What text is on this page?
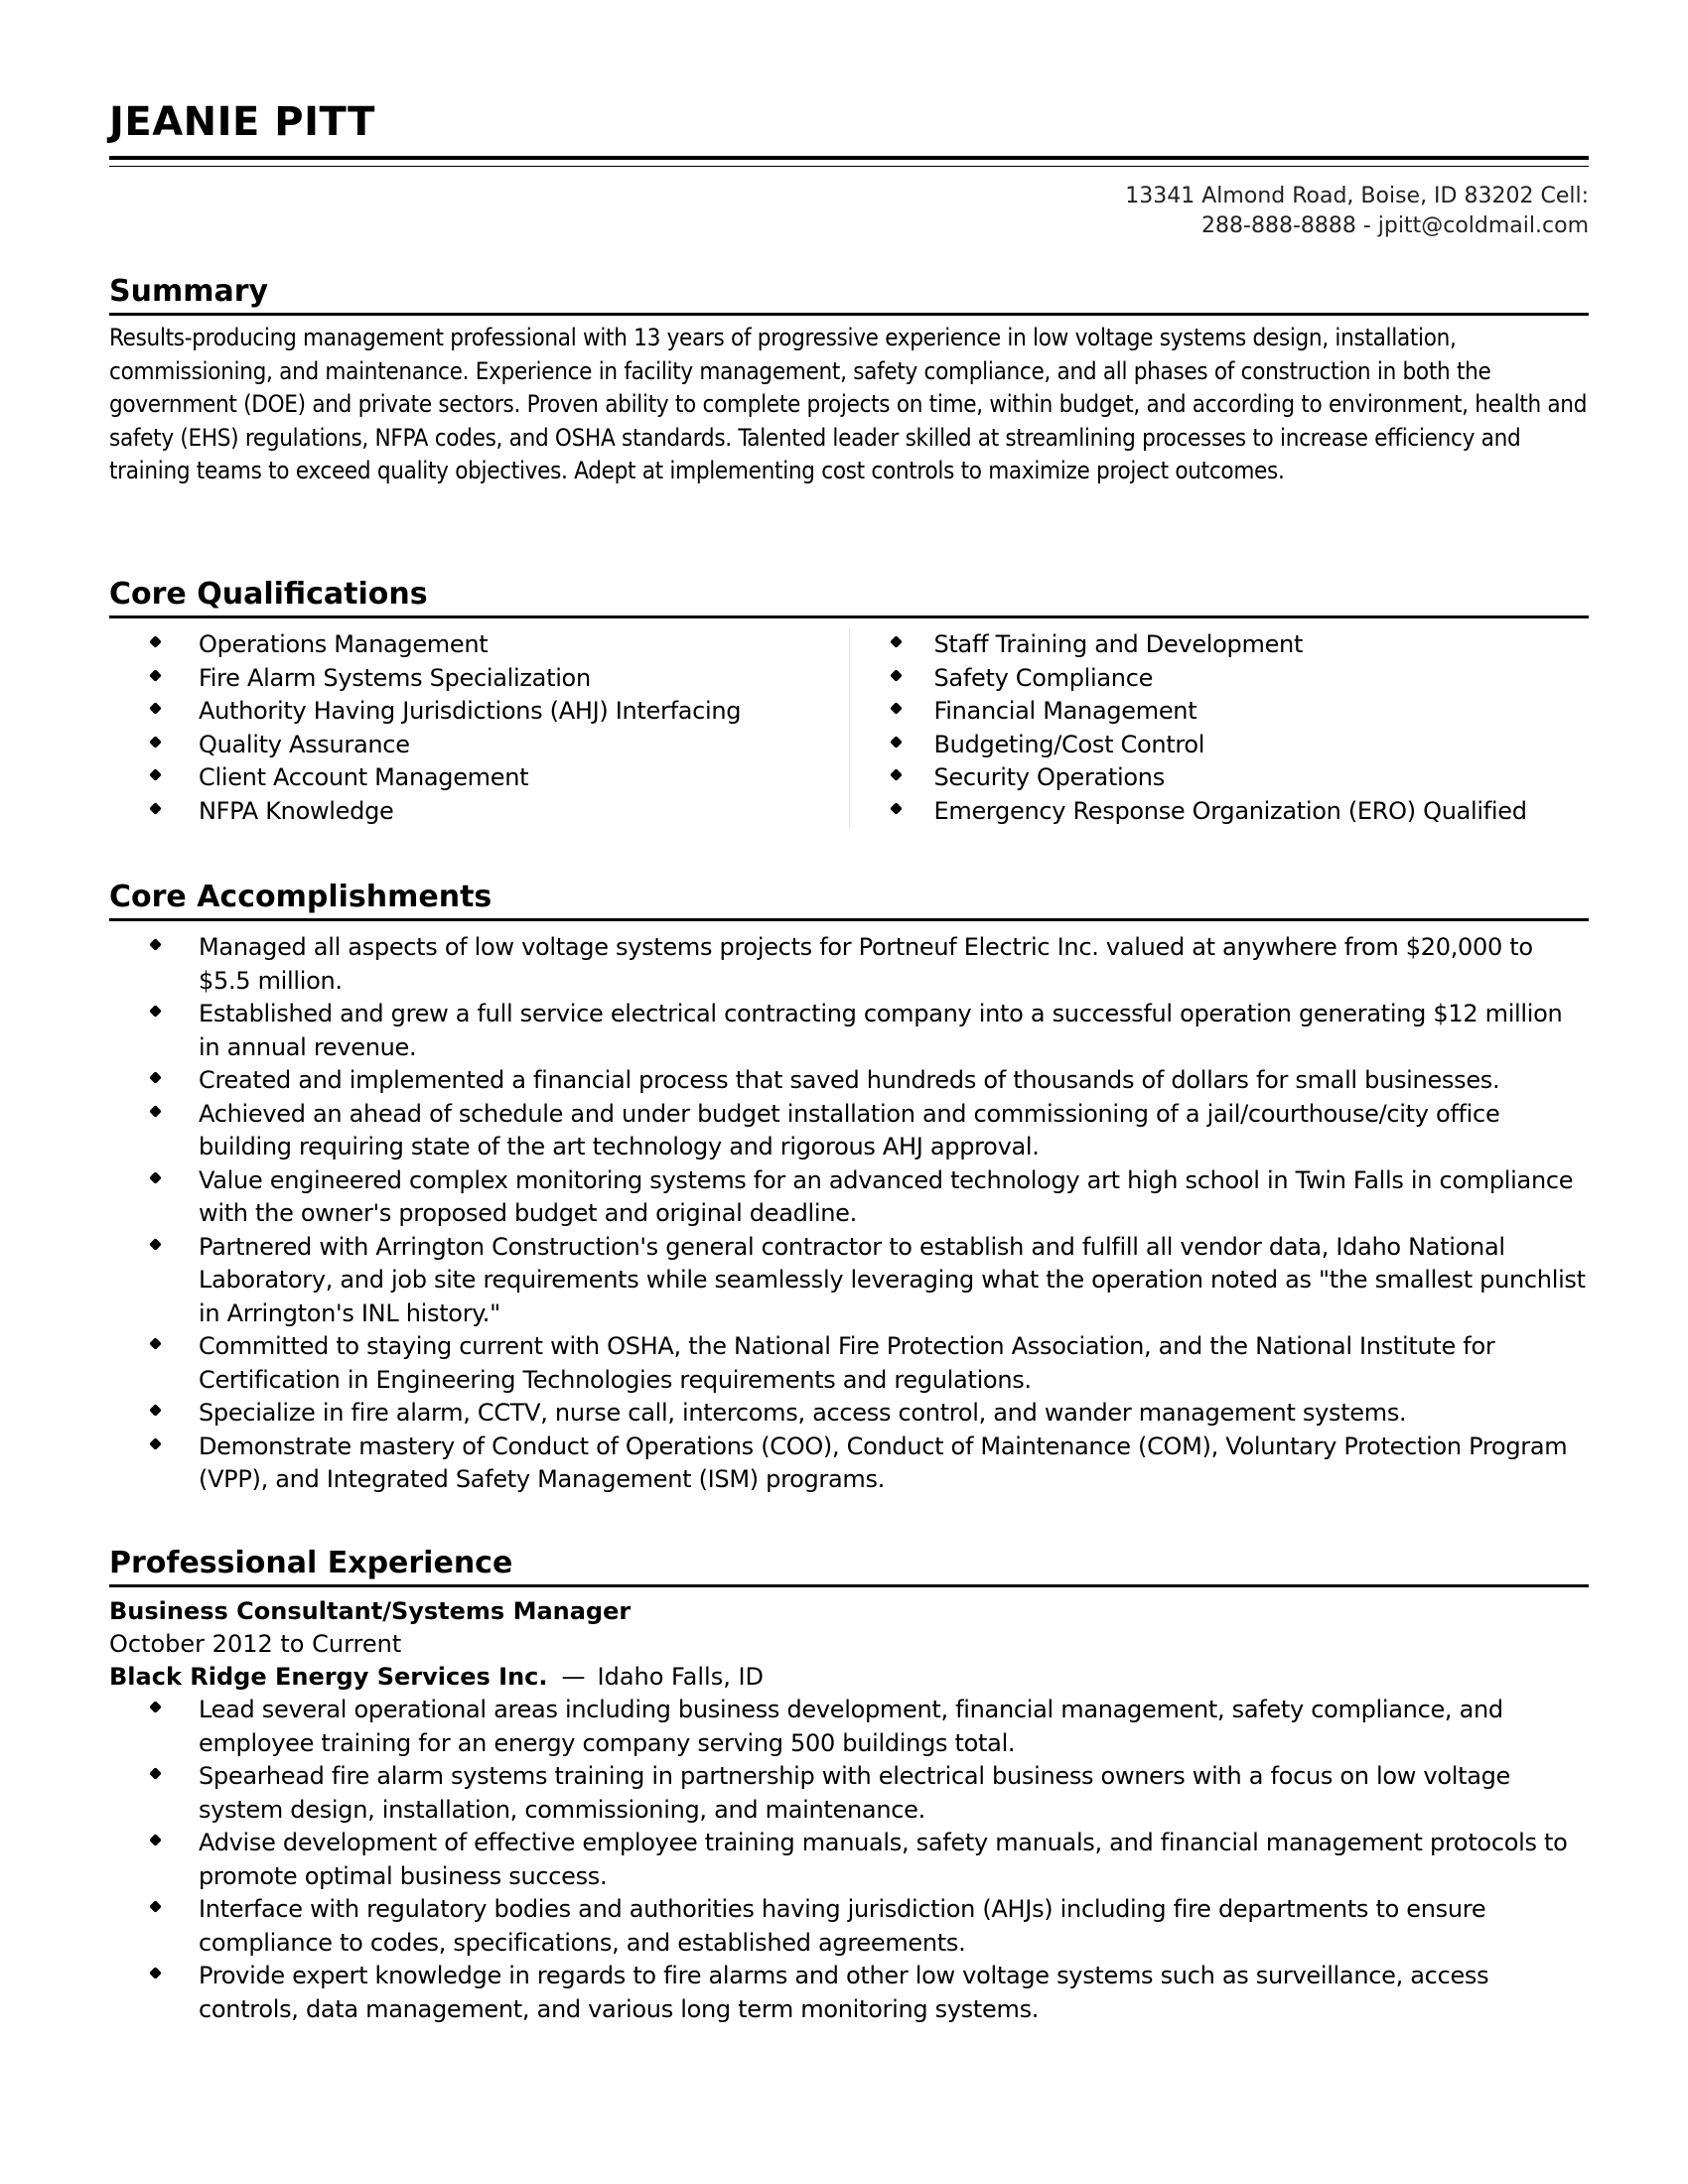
JEANIE PITT
13341 Almond Road, Boise, ID 83202 Cell:
288-888-8888 - jpitt@coldmail.com
Summary

Results-producing management professional with 13 years of progressive experience in low voltage systems design, installation, commissioning, and maintenance. Experience in facility management, safety compliance, and all phases of construction in both the government (DOE) and private sectors. Proven ability to complete projects on time, within budget, and according to environment, health and safety (EHS) regulations, NFPA codes, and OSHA standards. Talented leader skilled at streamlining processes to increase efficiency and training teams to exceed quality objectives. Adept at implementing cost controls to maximize project outcomes.

Core Qualifications
Operations Management
Fire Alarm Systems Specialization
Authority Having Jurisdictions (AHJ) Interfacing
Quality Assurance
Client Account Management
NFPA Knowledge
Staff Training and Development
Safety Compliance
Financial Management
Budgeting/Cost Control
Security Operations
Emergency Response Organization (ERO) Qualified
Core Accomplishments
Managed all aspects of low voltage systems projects for Portneuf Electric Inc. valued at anywhere from $20,000 to $5.5 million.
Established and grew a full service electrical contracting company into a successful operation generating $12 million in annual revenue.
Created and implemented a financial process that saved hundreds of thousands of dollars for small businesses.
Achieved an ahead of schedule and under budget installation and commissioning of a jail/courthouse/city office building requiring state of the art technology and rigorous AHJ approval.
Value engineered complex monitoring systems for an advanced technology art high school in Twin Falls in compliance with the owner's proposed budget and original deadline.
Partnered with Arrington Construction's general contractor to establish and fulfill all vendor data, Idaho National Laboratory, and job site requirements while seamlessly leveraging what the operation noted as "the smallest punchlist in Arrington's INL history."
Committed to staying current with OSHA, the National Fire Protection Association, and the National Institute for Certification in Engineering Technologies requirements and regulations.
Specialize in fire alarm, CCTV, nurse call, intercoms, access control, and wander management systems.
Demonstrate mastery of Conduct of Operations (COO), Conduct of Maintenance (COM), Voluntary Protection Program (VPP), and Integrated Safety Management (ISM) programs.
Professional Experience
Business Consultant/Systems Manager
October 2012 to Current
Black Ridge Energy Services Inc. — Idaho Falls, ID
Lead several operational areas including business development, financial management, safety compliance, and employee training for an energy company serving 500 buildings total.
Spearhead fire alarm systems training in partnership with electrical business owners with a focus on low voltage system design, installation, commissioning, and maintenance.
Advise development of effective employee training manuals, safety manuals, and financial management protocols to promote optimal business success.
Interface with regulatory bodies and authorities having jurisdiction (AHJs) including fire departments to ensure compliance to codes, specifications, and established agreements.
Provide expert knowledge in regards to fire alarms and other low voltage systems such as surveillance, access controls, data management, and various long term monitoring systems.
